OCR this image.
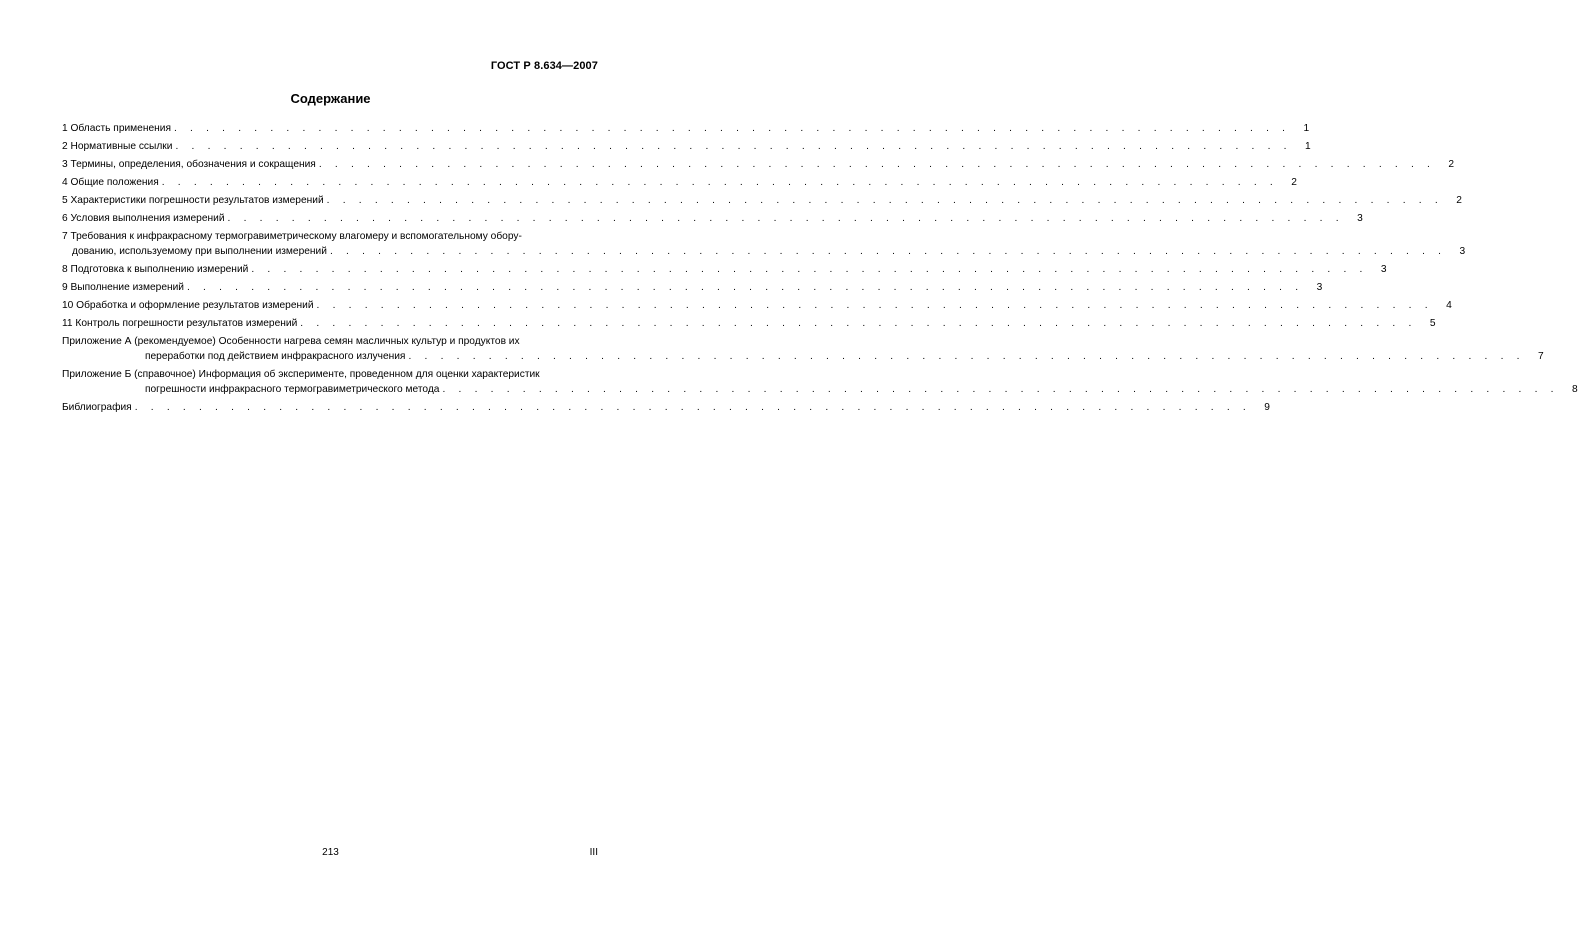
ГОСТ Р 8.634—2007
Содержание
1 Область применения . . . . . . . . . . . . . . . . . . . . . . . . . . . . . . . . . . . . . . . . . . . . . . . . . . . . . . . . . . . . . . . . . . . . . .	1
2 Нормативные ссылки . . . . . . . . . . . . . . . . . . . . . . . . . . . . . . . . . . . . . . . . . . . . . . . . . . . . . . . . . . . . . . . . . . . . . .	1
3 Термины, определения, обозначения и сокращения . . . . . . . . . . . . . . . . . . . . . . . . . . . . . . . . . . . . . . . . . . . . . . . . . . . . . . . . . . . . . . . . . . . . . .	2
4 Общие положения . . . . . . . . . . . . . . . . . . . . . . . . . . . . . . . . . . . . . . . . . . . . . . . . . . . . . . . . . . . . . . . . . . . . . .	2
5 Характеристики погрешности результатов измерений . . . . . . . . . . . . . . . . . . . . . . . . . . . . . . . . . . . . . . . . . . . . . . . . . . . . . . . . . . . . . . . . . . . . . .	2
6 Условия выполнения измерений . . . . . . . . . . . . . . . . . . . . . . . . . . . . . . . . . . . . . . . . . . . . . . . . . . . . . . . . . . . . . . . . . . . . . .	3
7 Требования к инфракрасному термогравиметрическому влагомеру и вспомогательному обору-
дованию, используемому при выполнении измерений . . . . . . . . . . . . . . . . . . . . . . . . . . . . . . . . . . . . . . . . . . . . . . . . . . . . . . . . . . . . . . . . . . . . . .	3
8 Подготовка к выполнению измерений . . . . . . . . . . . . . . . . . . . . . . . . . . . . . . . . . . . . . . . . . . . . . . . . . . . . . . . . . . . . . . . . . . . . . .	3
9 Выполнение измерений . . . . . . . . . . . . . . . . . . . . . . . . . . . . . . . . . . . . . . . . . . . . . . . . . . . . . . . . . . . . . . . . . . . . . .	3
10 Обработка и оформление результатов измерений . . . . . . . . . . . . . . . . . . . . . . . . . . . . . . . . . . . . . . . . . . . . . . . . . . . . . . . . . . . . . . . . . . . . . .	4
11 Контроль погрешности результатов измерений . . . . . . . . . . . . . . . . . . . . . . . . . . . . . . . . . . . . . . . . . . . . . . . . . . . . . . . . . . . . . . . . . . . . . .	5
Приложение А (рекомендуемое) Особенности нагрева семян масличных культур и продуктов их
переработки под действием инфракрасного излучения . . . . . . . . . . . . . . . . . . . . . . . . . . . . . . . . . . . . . . . . . . . . . . . . . . . . . . . . . . . . . . . . . . . . . .	7
Приложение Б (справочное) Информация об эксперименте, проведенном для оценки характеристик
погрешности инфракрасного термогравиметрического метода . . . . . . . . . . . . . . . . . . . . . . . . . . . . . . . . . . . . . . . . . . . . . . . . . . . . . . . . . . . . . . . . . . . . . .	8
Библиография . . . . . . . . . . . . . . . . . . . . . . . . . . . . . . . . . . . . . . . . . . . . . . . . . . . . . . . . . . . . . . . . . . . . . .	9
213	III
